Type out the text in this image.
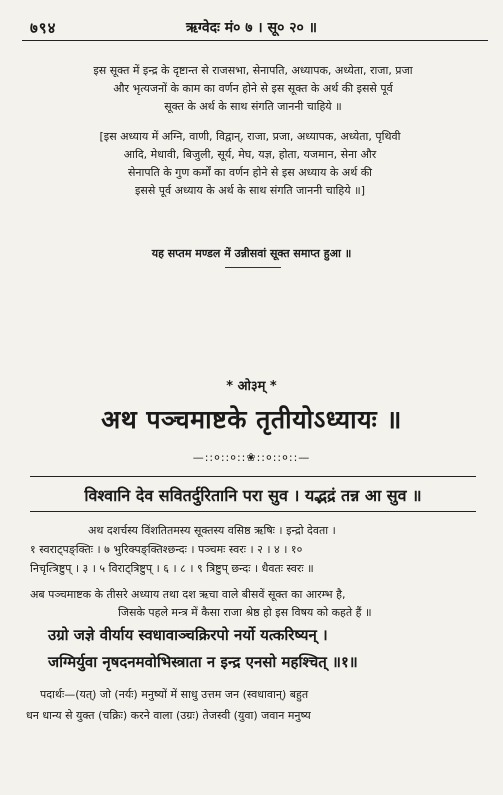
७९४	ऋग्वेदः मं० ७ । सू० २० ॥
इस सूक्त में इन्द्र के दृष्टान्त से राजसभा, सेनापति, अध्यापक, अध्येता, राजा, प्रजा
और भृत्यजनों के काम का वर्णन होने से इस सूक्त के अर्थ की इससे पूर्व
सूक्त के अर्थ के साथ संगति जाननी चाहिये ॥
[इस अध्याय में अग्नि, वाणी, विद्वान्, राजा, प्रजा, अध्यापक, अध्येता, पृथिवी
आदि, मेधावी, बिजुली, सूर्य, मेघ, यज्ञ, होता, यजमान, सेना और
सेनापति के गुण कर्मों का वर्णन होने से इस अध्याय के अर्थ की
इससे पूर्व अध्याय के अर्थ के साथ संगति जाननी चाहिये ॥]
यह सप्तम मण्डल में उन्नीसवां सूक्त समाप्त हुआ ॥
* ओ३म् *
अथ पञ्चमाष्टके तृतीयोऽध्यायः ॥
—::०::०::❀::०::०::—
विश्वानि देव सवितर्दुरितानि परा सुव । यद्भद्रं तन्न आ सुव ॥
अथ दशर्चस्य विंशतितमस्य सूक्तस्य वसिष्ठ ऋषिः । इन्द्रो देवता ।
१ स्वराट्पङ्क्तिः । ७ भुरिक्पङ्क्तिश्छन्दः । पञ्चमः स्वरः । २ । ४ । १०
निचृत्त्रिष्टुप् । ३ । ५ विराट्त्रिष्टुप् । ६ । ८ । ९ त्रिष्टुप् छन्दः । धैवतः स्वरः ॥
अब पञ्चमाष्टक के तीसरे अध्याय तथा दश ऋचा वाले बीसवें सूक्त का आरम्भ है,
जिसके पहले मन्त्र में कैसा राजा श्रेष्ठ हो इस विषय को कहते हैं ॥
उग्रो जज्ञे वीर्याय स्वधावाञ्चक्रिरपो नर्यो यत्करिष्यन् ।
जग्मिर्युवा नृषदनमवोभिस्त्राता न इन्द्र एनसो महश्चित् ॥१॥
पदार्थः—(यत्) जो (नर्यः) मनुष्यों में साधु उत्तम जन (स्वधावान्) बहुत
धन धान्य से युक्त (चक्रिः) करने वाला (उग्रः) तेजस्वी (युवा) जवान मनुष्य
